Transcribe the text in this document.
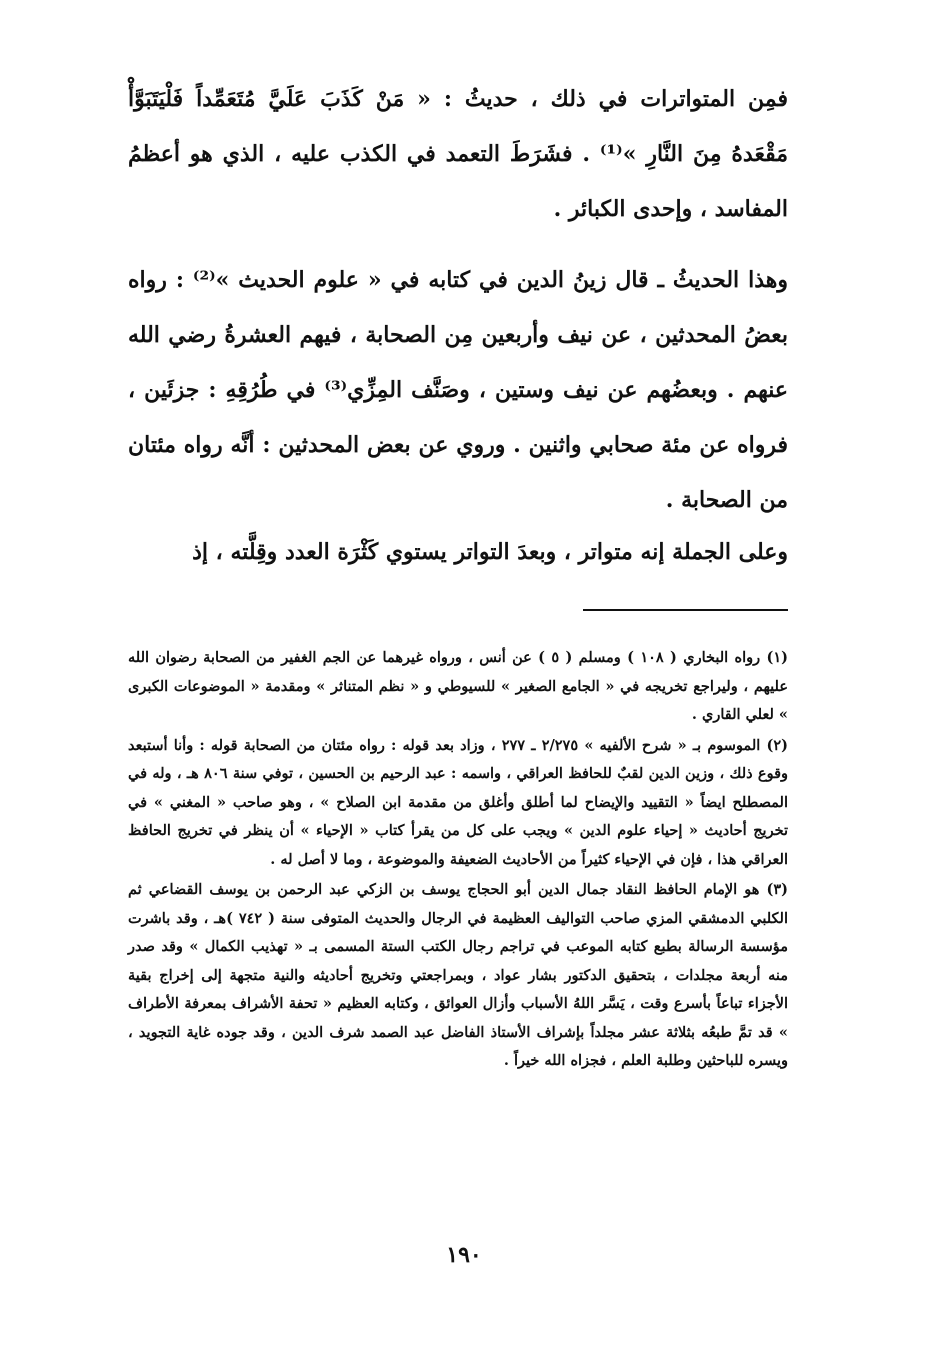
فمِن المتواترات في ذلك ، حديثُ : « مَنْ كَذَبَ عَلَيَّ مُتَعَمِّداً فَلْيَتَبَوَّأْ مَقْعَدهُ مِنَ النَّارِ »⁽¹⁾ . فشَرَطَ التعمد في الكذب عليه ، الذي هو أعظمُ المفاسد ، وإحدى الكبائر .

وهذا الحديثُ ـ قال زينُ الدين في كتابه في « علوم الحديث »⁽²⁾ : رواه بعضُ المحدثين ، عن نيف وأربعين مِن الصحابة ، فيهم العشرةُ رضي الله عنهم . وبعضُهم عن نيف وستين ، وصَنَّف المِزِّي⁽³⁾ في طُرُقِهِ : جزئَين ، فرواه عن مئة صحابي واثنين . وروي عن بعض المحدثين : أنَّه رواه مئتان من الصحابة .

وعلى الجملة إنه متواتر ، وبعدَ التواتر يستوي كَثْرَة العدد وقِلَّته ، إذ

(١) رواه البخاري ( ١٠٨ ) ومسلم ( ٥ ) عن أنس ، ورواه غيرهما عن الجم الغفير من الصحابة رضوان الله عليهم ، وليراجع تخريجه في « الجامع الصغير » للسيوطي و « نظم المتناثر » ومقدمة « الموضوعات الكبرى » لعلي القاري .

(٢) الموسوم بـ « شرح الألفيه » ٢/٢٧٥ ـ ٢٧٧ ، وزاد بعد قوله : رواه مئتان من الصحابة قوله : وأنا أستبعد وقوع ذلك ، وزين الدين لقبٌ للحافظ العراقي ، واسمه : عبد الرحيم بن الحسين ، توفي سنة ٨٠٦ هـ ، وله في المصطلح ايضاً « التقييد والإيضاح لما أطلق وأغلق من مقدمة ابن الصلاح » ، وهو صاحب « المغني » في تخريج أحاديث « إحياء علوم الدين » ويجب على كل من يقرأ كتاب « الإحياء » أن ينظر في تخريج الحافظ العراقي هذا ، فإن في الإحياء كثيراً من الأحاديث الضعيفة والموضوعة ، وما لا أصل له .

(٣) هو الإمام الحافظ النقاد جمال الدين أبو الحجاج يوسف بن الزكي عبد الرحمن بن يوسف القضاعي ثم الكلبي الدمشقي المزي صاحب التواليف العظيمة في الرجال والحديث المتوفى سنة ( ٧٤٢ )هـ ، وقد باشرت مؤسسة الرسالة بطبع كتابه الموعب في تراجم رجال الكتب الستة المسمى بـ « تهذيب الكمال » وقد صدر منه أربعة مجلدات ، بتحقيق الدكتور بشار عواد ، وبمراجعتي وتخريج أحاديثه والنية متجهة إلى إخراج بقية الأجزاء تباعاً بأسرع وقت ، يَسَّر اللهُ الأسباب وأزال العوائق ، وكتابه العظيم « تحفة الأشراف بمعرفة الأطراف » قد تمَّ طبعُه بثلاثة عشر مجلداً بإشراف الأستاذ الفاضل عبد الصمد شرف الدين ، وقد جوده غاية التجويد ، ويسره للباحثين وطلبة العلم ، فجزاه الله خيراً .

١٩٠
